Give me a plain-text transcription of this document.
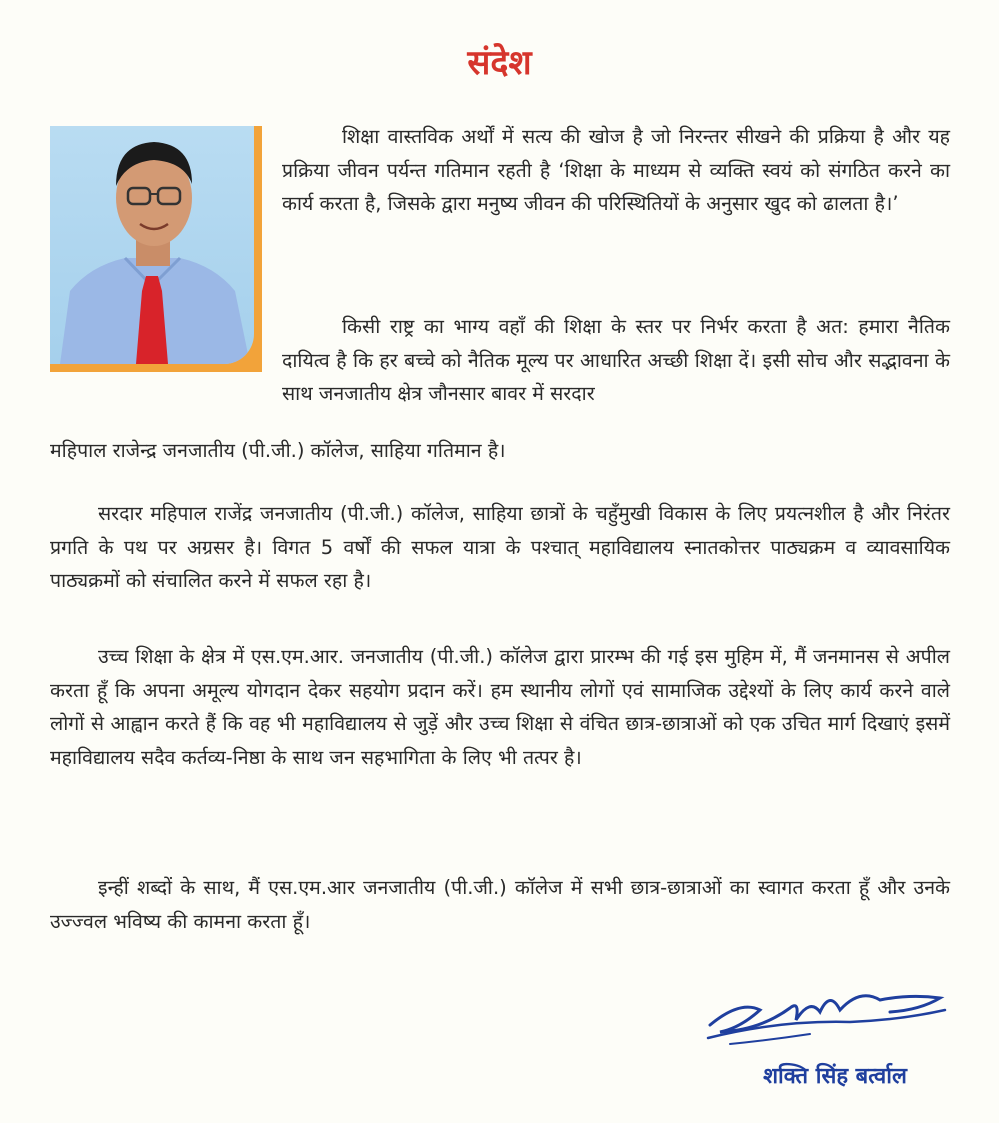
संदेश
शिक्षा वास्तविक अर्थों में सत्य की खोज है जो निरन्तर सीखने की प्रक्रिया है और यह प्रक्रिया जीवन पर्यन्त गतिमान रहती है ‘शिक्षा के माध्यम से व्यक्ति स्वयं को संगठित करने का कार्य करता है, जिसके द्वारा मनुष्य जीवन की परिस्थितियों के अनुसार खुद को ढालता है।’
किसी राष्ट्र का भाग्य वहाँ की शिक्षा के स्तर पर निर्भर करता है अत: हमारा नैतिक दायित्व है कि हर बच्चे को नैतिक मूल्य पर आधारित अच्छी शिक्षा दें। इसी सोच और सद्भावना के साथ जनजातीय क्षेत्र जौनसार बावर में सरदार
महिपाल राजेन्द्र जनजातीय (पी.जी.) कॉलेज, साहिया गतिमान है।
सरदार महिपाल राजेंद्र जनजातीय (पी.जी.) कॉलेज, साहिया छात्रों के चहुँमुखी विकास के लिए प्रयत्नशील है और निरंतर प्रगति के पथ पर अग्रसर है। विगत 5 वर्षों की सफल यात्रा के पश्चात् महाविद्यालय स्नातकोत्तर पाठ्यक्रम व व्यावसायिक पाठ्यक्रमों को संचालित करने में सफल रहा है।
उच्च शिक्षा के क्षेत्र में एस.एम.आर. जनजातीय (पी.जी.) कॉलेज द्वारा प्रारम्भ की गई इस मुहिम में, मैं जनमानस से अपील करता हूँ कि अपना अमूल्य योगदान देकर सहयोग प्रदान करें। हम स्थानीय लोगों एवं सामाजिक उद्देश्यों के लिए कार्य करने वाले लोगों से आह्वान करते हैं कि वह भी महाविद्यालय से जुड़ें और उच्च शिक्षा से वंचित छात्र-छात्राओं को एक उचित मार्ग दिखाएं इसमें महाविद्यालय सदैव कर्तव्य-निष्ठा के साथ जन सहभागिता के लिए भी तत्पर है।
इन्हीं शब्दों के साथ, मैं एस.एम.आर जनजातीय (पी.जी.) कॉलेज में सभी छात्र-छात्राओं का स्वागत करता हूँ और उनके उज्ज्वल भविष्य की कामना करता हूँ।
शक्ति सिंह बर्त्वाल
